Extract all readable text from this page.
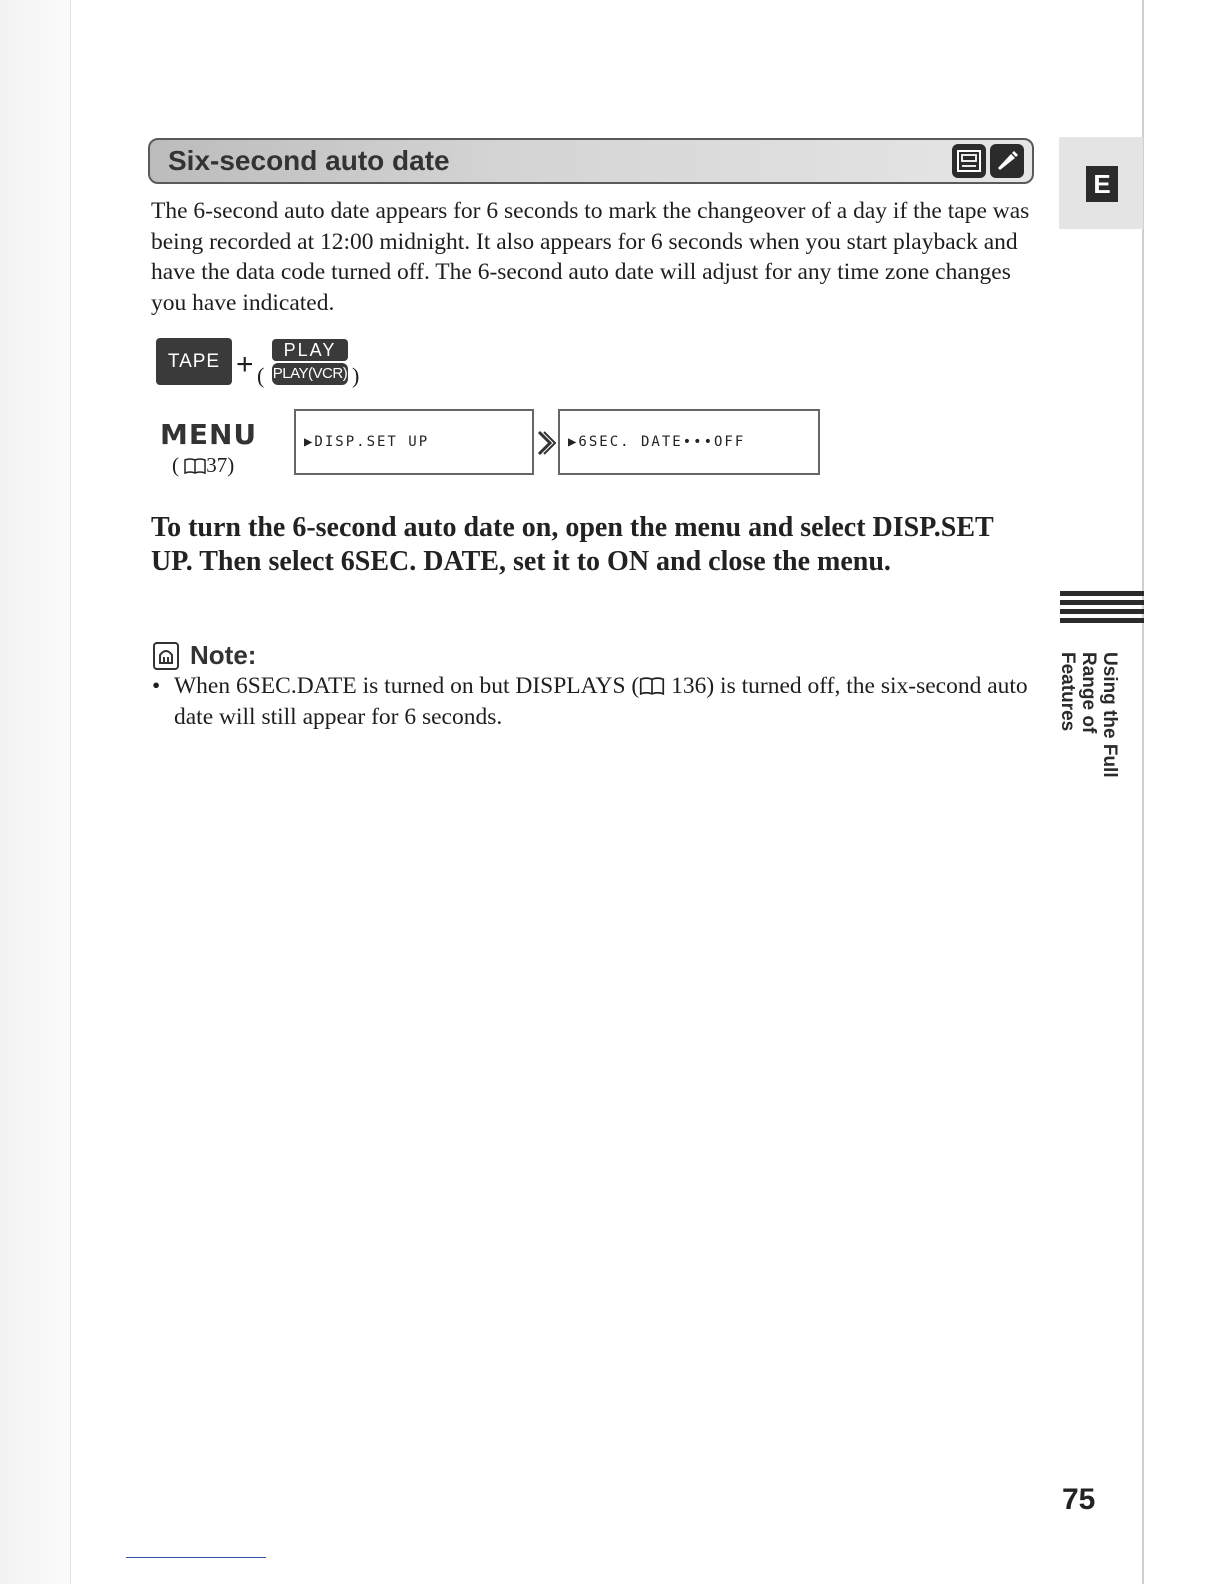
Six-second auto date
E

The 6-second auto date appears for 6 seconds to mark the changeover of a day if the tape was being recorded at 12:00 midnight. It also appears for 6 seconds when you start playback and have the data code turned off. The 6-second auto date will adjust for any time zone changes you have indicated.

TAPE + (
PLAY
PLAY(VCR) )
MENU
( 37)
▶DISP.SET UP	▶6SEC. DATE•••OFF

To turn the 6-second auto date on, open the menu and select DISP.SET UP. Then select 6SEC. DATE, set it to ON and close the menu.

Note:
• When 6SEC.DATE is turned on but DISPLAYS ( 136) is turned off, the six-second auto date will still appear for 6 seconds.	Using the Full Range of Features
75
